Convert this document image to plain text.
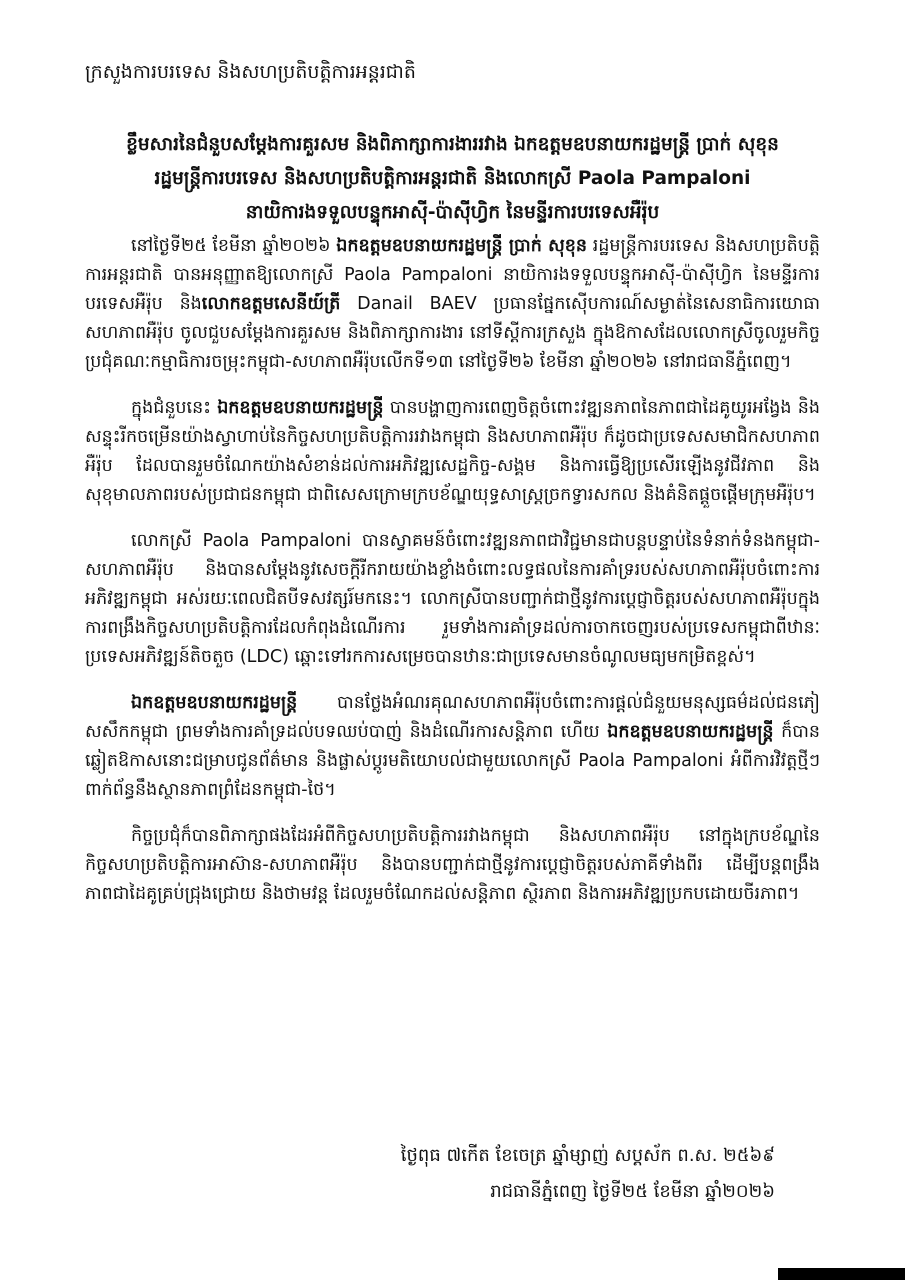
ក្រសួងការបរទេស និងសហប្រតិបត្តិការអន្តរជាតិ
ខ្លឹមសារនៃជំនួបសម្តែងការគួរសម និងពិភាក្សាការងាររវាង ឯកឧត្តមឧបនាយករដ្ឋមន្ត្រី ប្រាក់ សុខុន
រដ្ឋមន្ត្រីការបរទេស និងសហប្រតិបត្តិការអន្តរជាតិ និងលោកស្រី Paola Pampaloni
នាយិការងទទួលបន្ទុកអាស៊ី-ប៉ាស៊ីហ្វិក នៃមន្ទីរការបរទេសអឺរ៉ុប

នៅថ្ងៃទី២៥ ខែមីនា ឆ្នាំ២០២៦ ឯកឧត្តមឧបនាយករដ្ឋមន្ត្រី ប្រាក់ សុខុន រដ្ឋមន្ត្រីការបរទេស និងសហប្រតិបត្តិការអន្តរជាតិ បានអនុញ្ញាតឱ្យលោកស្រី Paola Pampaloni នាយិការងទទួលបន្ទុកអាស៊ី-ប៉ាស៊ីហ្វិក នៃមន្ទីរការបរទេសអឺរ៉ុប និងលោកឧត្តមសេនីយ៍ត្រី Danail BAEV ប្រធានផ្នែកស៊ើបការណ៍សម្ងាត់នៃសេនាធិការយោធាសហភាពអឺរ៉ុប ចូលជួបសម្តែងការគួរសម និងពិភាក្សាការងារ នៅទីស្តីការក្រសួង ក្នុងឱកាសដែលលោកស្រីចូលរួមកិច្ចប្រជុំគណៈកម្មាធិការចម្រុះកម្ពុជា-សហភាពអឺរ៉ុបលើកទី១៣ នៅថ្ងៃទី២៦ ខែមីនា ឆ្នាំ២០២៦ នៅរាជធានីភ្នំពេញ។

ក្នុងជំនួបនេះ ឯកឧត្តមឧបនាយករដ្ឋមន្ត្រី បានបង្ហាញការពេញចិត្តចំពោះវឌ្ឍនភាពនៃភាពជាដៃគូយូរអង្វែង និងសន្ទុះរីកចម្រើនយ៉ាងស្វាហាប់នៃកិច្ចសហប្រតិបត្តិការរវាងកម្ពុជា និងសហភាពអឺរ៉ុប ក៏ដូចជាប្រទេសសមាជិកសហភាពអឺរ៉ុប ដែលបានរួមចំណែកយ៉ាងសំខាន់ដល់ការអភិវឌ្ឍសេដ្ឋកិច្ច-សង្គម និងការធ្វើឱ្យប្រសើរឡើងនូវជីវភាព និងសុខុមាលភាពរបស់ប្រជាជនកម្ពុជា ជាពិសេសក្រោមក្របខ័ណ្ឌយុទ្ធសាស្ត្រច្រកទ្វារសកល និងគំនិតផ្តួចផ្តើមក្រុមអឺរ៉ុប។

លោកស្រី Paola Pampaloni បានស្វាគមន៍ចំពោះវឌ្ឍនភាពជាវិជ្ជមានជាបន្តបន្ទាប់នៃទំនាក់ទំនងកម្ពុជា-សហភាពអឺរ៉ុប និងបានសម្តែងនូវសេចក្តីរីករាយយ៉ាងខ្លាំងចំពោះលទ្ធផលនៃការគាំទ្ររបស់សហភាពអឺរ៉ុបចំពោះការអភិវឌ្ឍកម្ពុជា អស់រយៈពេលជិតបីទសវត្សរ៍មកនេះ។ លោកស្រីបានបញ្ជាក់ជាថ្មីនូវការប្តេជ្ញាចិត្តរបស់សហភាពអឺរ៉ុបក្នុងការពង្រឹងកិច្ចសហប្រតិបត្តិការដែលកំពុងដំណើរការ រួមទាំងការគាំទ្រដល់ការចាកចេញរបស់ប្រទេសកម្ពុជាពីឋានៈប្រទេសអភិវឌ្ឍន៍តិចតួច (LDC) ឆ្ពោះទៅរកការសម្រេចបានឋានៈជាប្រទេសមានចំណូលមធ្យមកម្រិតខ្ពស់។

ឯកឧត្តមឧបនាយករដ្ឋមន្ត្រី បានថ្លែងអំណរគុណសហភាពអឺរ៉ុបចំពោះការផ្តល់ជំនួយមនុស្សធម៌ដល់ជនភៀសសឹកកម្ពុជា ព្រមទាំងការគាំទ្រដល់បទឈប់បាញ់ និងដំណើរការសន្តិភាព ហើយ ឯកឧត្តមឧបនាយករដ្ឋមន្ត្រី ក៏បានឆ្លៀតឱកាសនោះជម្រាបជូនព័ត៌មាន និងផ្លាស់ប្តូរមតិយោបល់ជាមួយលោកស្រី Paola Pampaloni អំពីការវិវត្តថ្មីៗពាក់ព័ន្ធនឹងស្ថានភាពព្រំដែនកម្ពុជា-ថៃ។

កិច្ចប្រជុំក៏បានពិភាក្សាផងដែរអំពីកិច្ចសហប្រតិបត្តិការរវាងកម្ពុជា និងសហភាពអឺរ៉ុប នៅក្នុងក្របខ័ណ្ឌនៃកិច្ចសហប្រតិបត្តិការអាស៊ាន-សហភាពអឺរ៉ុប និងបានបញ្ជាក់ជាថ្មីនូវការប្តេជ្ញាចិត្តរបស់ភាគីទាំងពីរ ដើម្បីបន្តពង្រឹងភាពជាដៃគូគ្រប់ជ្រុងជ្រោយ និងថាមវន្ត ដែលរួមចំណែកដល់សន្តិភាព ស្ថិរភាព និងការអភិវឌ្ឍប្រកបដោយចីរភាព។

ថ្ងៃពុធ ៧កើត ខែចេត្រ ឆ្នាំម្សាញ់ សប្តស័ក ព.ស. ២៥៦៩
រាជធានីភ្នំពេញ ថ្ងៃទី២៥ ខែមីនា ឆ្នាំ២០២៦
